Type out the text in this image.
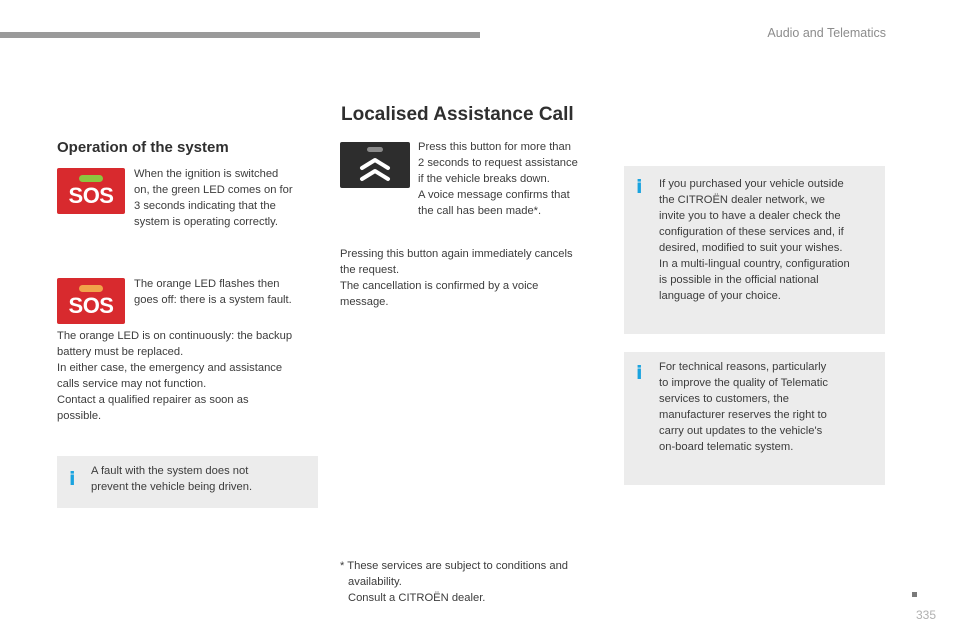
Audio and Telematics
Operation of the system
SOS
When the ignition is switched
on, the green LED comes on for
3 seconds indicating that the
system is operating correctly.
SOS
The orange LED flashes then
goes off: there is a system fault.
The orange LED is on continuously: the backup
battery must be replaced.
In either case, the emergency and assistance
calls service may not function.
Contact a qualified repairer as soon as
possible.
i A fault with the system does not
prevent the vehicle being driven.
Localised Assistance Call
Press this button for more than
2 seconds to request assistance
if the vehicle breaks down.
A voice message confirms that
the call has been made*.
Pressing this button again immediately cancels
the request.
The cancellation is confirmed by a voice
message.
* These services are subject to conditions and
availability.
Consult a CITROËN dealer.
i If you purchased your vehicle outside
the CITROËN dealer network, we
invite you to have a dealer check the
configuration of these services and, if
desired, modified to suit your wishes.
In a multi-lingual country, configuration
is possible in the official national
language of your choice.
i For technical reasons, particularly
to improve the quality of Telematic
services to customers, the
manufacturer reserves the right to
carry out updates to the vehicle's
on-board telematic system.
335
